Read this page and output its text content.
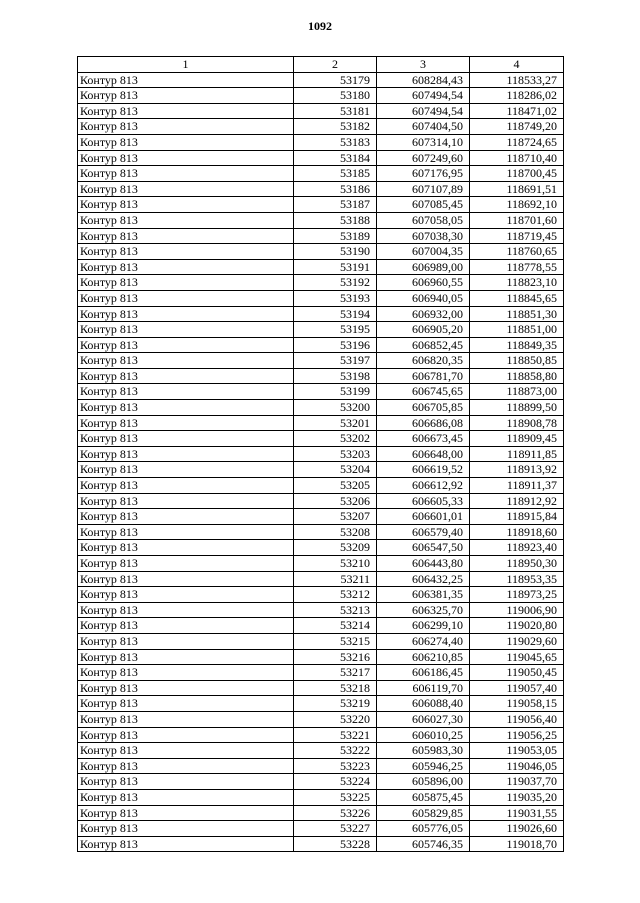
1092
1	2	3	4
Контур 813	53179	608284,43	118533,27
Контур 813	53180	607494,54	118286,02
Контур 813	53181	607494,54	118471,02
Контур 813	53182	607404,50	118749,20
Контур 813	53183	607314,10	118724,65
Контур 813	53184	607249,60	118710,40
Контур 813	53185	607176,95	118700,45
Контур 813	53186	607107,89	118691,51
Контур 813	53187	607085,45	118692,10
Контур 813	53188	607058,05	118701,60
Контур 813	53189	607038,30	118719,45
Контур 813	53190	607004,35	118760,65
Контур 813	53191	606989,00	118778,55
Контур 813	53192	606960,55	118823,10
Контур 813	53193	606940,05	118845,65
Контур 813	53194	606932,00	118851,30
Контур 813	53195	606905,20	118851,00
Контур 813	53196	606852,45	118849,35
Контур 813	53197	606820,35	118850,85
Контур 813	53198	606781,70	118858,80
Контур 813	53199	606745,65	118873,00
Контур 813	53200	606705,85	118899,50
Контур 813	53201	606686,08	118908,78
Контур 813	53202	606673,45	118909,45
Контур 813	53203	606648,00	118911,85
Контур 813	53204	606619,52	118913,92
Контур 813	53205	606612,92	118911,37
Контур 813	53206	606605,33	118912,92
Контур 813	53207	606601,01	118915,84
Контур 813	53208	606579,40	118918,60
Контур 813	53209	606547,50	118923,40
Контур 813	53210	606443,80	118950,30
Контур 813	53211	606432,25	118953,35
Контур 813	53212	606381,35	118973,25
Контур 813	53213	606325,70	119006,90
Контур 813	53214	606299,10	119020,80
Контур 813	53215	606274,40	119029,60
Контур 813	53216	606210,85	119045,65
Контур 813	53217	606186,45	119050,45
Контур 813	53218	606119,70	119057,40
Контур 813	53219	606088,40	119058,15
Контур 813	53220	606027,30	119056,40
Контур 813	53221	606010,25	119056,25
Контур 813	53222	605983,30	119053,05
Контур 813	53223	605946,25	119046,05
Контур 813	53224	605896,00	119037,70
Контур 813	53225	605875,45	119035,20
Контур 813	53226	605829,85	119031,55
Контур 813	53227	605776,05	119026,60
Контур 813	53228	605746,35	119018,70
